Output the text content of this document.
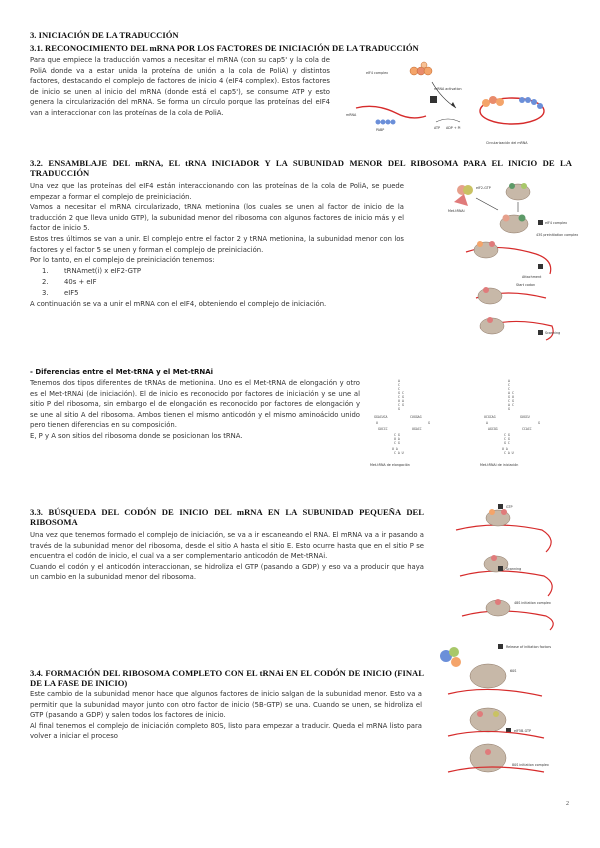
3. INICIACIÓN DE LA TRADUCCIÓN
3.1. RECONOCIMIENTO DEL mRNA POR LOS FACTORES DE INICIACIÓN DE LA TRADUCCIÓN

Para que empiece la traducción vamos a necesitar el mRNA (con su cap5' y la cola de PoliA donde va a estar unida la proteína de unión a la cola de PoliA) y distintos factores, destacando el complejo de factores de inicio 4 (eIF4 complex). Estos factores de inicio se unen al inicio del mRNA (donde está el cap5'), se consume ATP y esto genera la circularización del mRNA. Se forma un círculo porque las proteínas del eIF4 van a interaccionar con las proteínas de la cola de PoliA.

3.2. ENSAMBLAJE DEL mRNA, EL tRNA INICIADOR Y LA SUBUNIDAD MENOR DEL RIBOSOMA PARA EL INICIO DE LA TRADUCCIÓN

Una vez que las proteínas del eIF4 están interaccionando con las proteínas de la cola de PoliA, se puede empezar a formar el complejo de preiniciación.

Vamos a necesitar el mRNA circularizado, tRNA metionina (los cuales se unen al factor de inicio de la traducción 2 que lleva unido GTP), la subunidad menor del ribosoma con algunos factores de inicio más y el factor de inicio 5.

Estos tres últimos se van a unir. El complejo entre el factor 2 y tRNA metionina, la subunidad menor con los factores y el factor 5 se unen y forman el complejo de preiniciación.

Por lo tanto, en el complejo de preiniciación tenemos:

1. tRNAmet(i) x eIF2-GTP
2. 40s + eIF
3. eIF5

A continuación se va a unir el mRNA con el eIF4, obteniendo el complejo de iniciación.

- Diferencias entre el Met-tRNA y el Met-tRNAi

Tenemos dos tipos diferentes de tRNAs de metionina. Uno es el Met-tRNA de elongación y otro es el Met-tRNAi (de iniciación). El de inicio es reconocido por factores de iniciación y se une al sitio P del ribosoma, sin embargo el de elongación es reconocido por factores de elongación y se une al sitio A del ribosoma. Ambos tienen el mismo anticodón y el mismo aminoácido unido pero tienen diferencias en su composición.

E, P y A son sitios del ribosoma donde se posicionan los tRNA.

3.3. BÚSQUEDA DEL CODÓN DE INICIO DEL mRNA EN LA SUBUNIDAD PEQUEÑA DEL RIBOSOMA

Una vez que tenemos formado el complejo de iniciación, se va a ir escaneando el RNA. El mRNA va a ir pasando a través de la subunidad menor del ribosoma, desde el sitio A hasta el sitio E. Esto ocurre hasta que en el sitio P se encuentra el codón de inicio, el cual va a ser complementario anticodón de Met-tRNAi.

Cuando el codón y el anticodón interaccionan, se hidroliza el GTP (pasando a GDP) y eso va a producir que haya un cambio en la subunidad menor del ribosoma.

3.4. FORMACIÓN DEL RIBOSOMA COMPLETO CON EL tRNAi EN EL CODÓN DE INICIO (FINAL DE LA FASE DE INICIO)

Este cambio de la subunidad menor hace que algunos factores de inicio salgan de la subunidad menor. Esto va a permitir que la subunidad mayor junto con otro factor de inicio (5B-GTP) se una. Cuando se unen, se hidroliza el GTP (pasando a GDP) y salen todos los factores de inicio.

Al final tenemos el complejo de iniciación completo 80S, listo para empezar a traducir. Queda el mRNA listo para volver a iniciar el proceso

2
eIF4 complex
mRNA
PABP
mRNA activation
ATP ADP + Pi
Circularización del mRNA
eIF2-GTP
Met-tRNAi
eIF4 complex
43S preinitiation complex
Attachment
Start codon
Scanning
A
C
C
G
C
U
C
G
C
G
A
G
GGACUCA	CUGGAG
U	G
GUCCC	UGACC
C G
U A
C G
U A
C A U
Met-tRNA de elongación
A
C
C
A
G
C
A
G
C
U
G
C
UCGCAG	GUGCU
A	G
AGCGG	CCACC
C G
C G
G C
U A
C A U
Met-tRNAi de iniciación
GTP
Scanning
48S initiation complex
Release of initiation factors
60S
eIF5B-GTP
80S initiation complex
